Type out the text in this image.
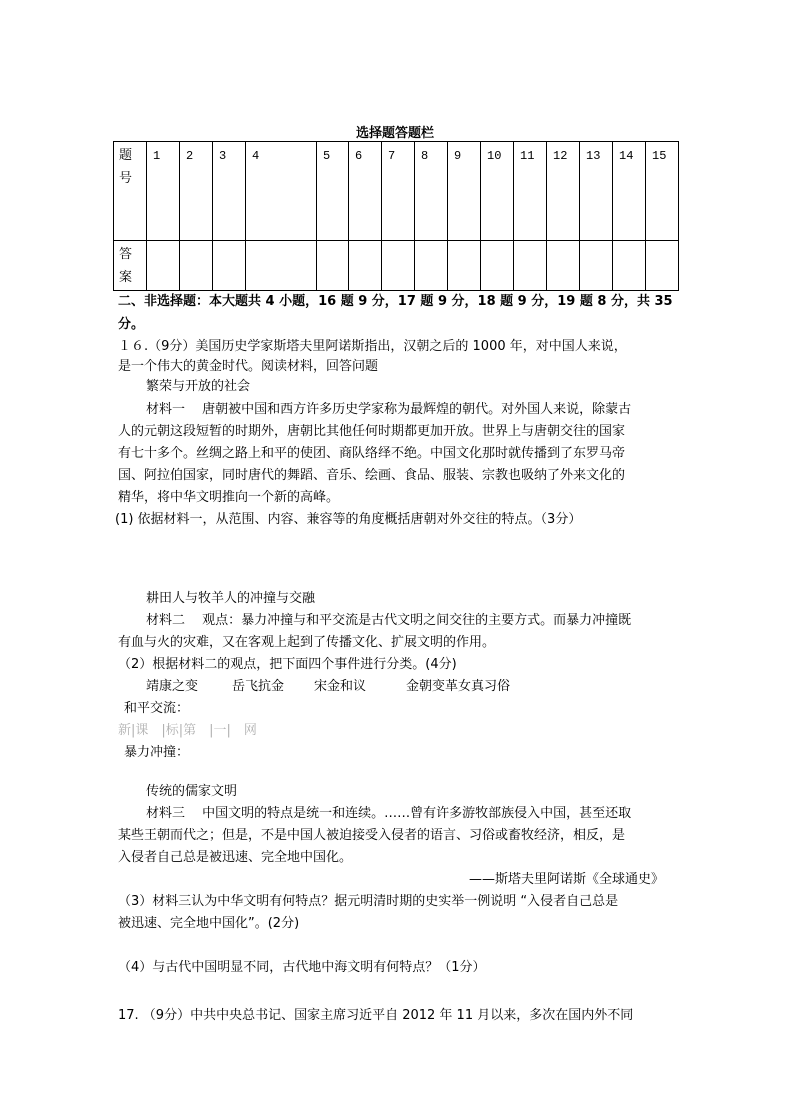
选择题答题栏
题
号	1	2	3	4	5	6	7	8	9	10	11	12	13	14	15

答
案															

二、非选择题：本大题共 4 小题，16 题 9 分，17 题 9 分，18 题 9 分，19 题 8 分，共 35
分。
１６.（9分）美国历史学家斯塔夫里阿诺斯指出，汉朝之后的 1000 年，对中国人来说，
是一个伟大的黄金时代。阅读材料，回答问题
繁荣与开放的社会
材料一　 唐朝被中国和西方许多历史学家称为最辉煌的朝代。对外国人来说，除蒙古
人的元朝这段短暂的时期外，唐朝比其他任何时期都更加开放。世界上与唐朝交往的国家
有七十多个。丝绸之路上和平的使团、商队络绎不绝。中国文化那时就传播到了东罗马帝
国、阿拉伯国家，同时唐代的舞蹈、音乐、绘画、食品、服装、宗教也吸纳了外来文化的
精华，将中华文明推向一个新的高峰。
(1) 依据材料一，从范围、内容、兼容等的角度概括唐朝对外交往的特点。（3分）
耕田人与牧羊人的冲撞与交融
材料二　 观点：暴力冲撞与和平交流是古代文明之间交往的主要方式。而暴力冲撞既
有血与火的灾难，又在客观上起到了传播文化、扩展文明的作用。
（2）根据材料二的观点，把下面四个事件进行分类。(4分)
靖康之变	岳飞抗金 宋金和议	金朝变革女真习俗
和平交流：
新|课　|标|第　|一|　网
暴力冲撞：
传统的儒家文明
材料三　 中国文明的特点是统一和连续。……曾有许多游牧部族侵入中国，甚至还取
某些王朝而代之；但是，不是中国人被迫接受入侵者的语言、习俗或畜牧经济，相反，是
入侵者自己总是被迅速、完全地中国化。
——斯塔夫里阿诺斯《全球通史》
（3）材料三认为中华文明有何特点？据元明清时期的史实举一例说明 “入侵者自己总是
被迅速、完全地中国化”。(2分)
（4）与古代中国明显不同，古代地中海文明有何特点？（1分）
17. （9分）中共中央总书记、国家主席习近平自 2012 年 11 月以来，多次在国内外不同
